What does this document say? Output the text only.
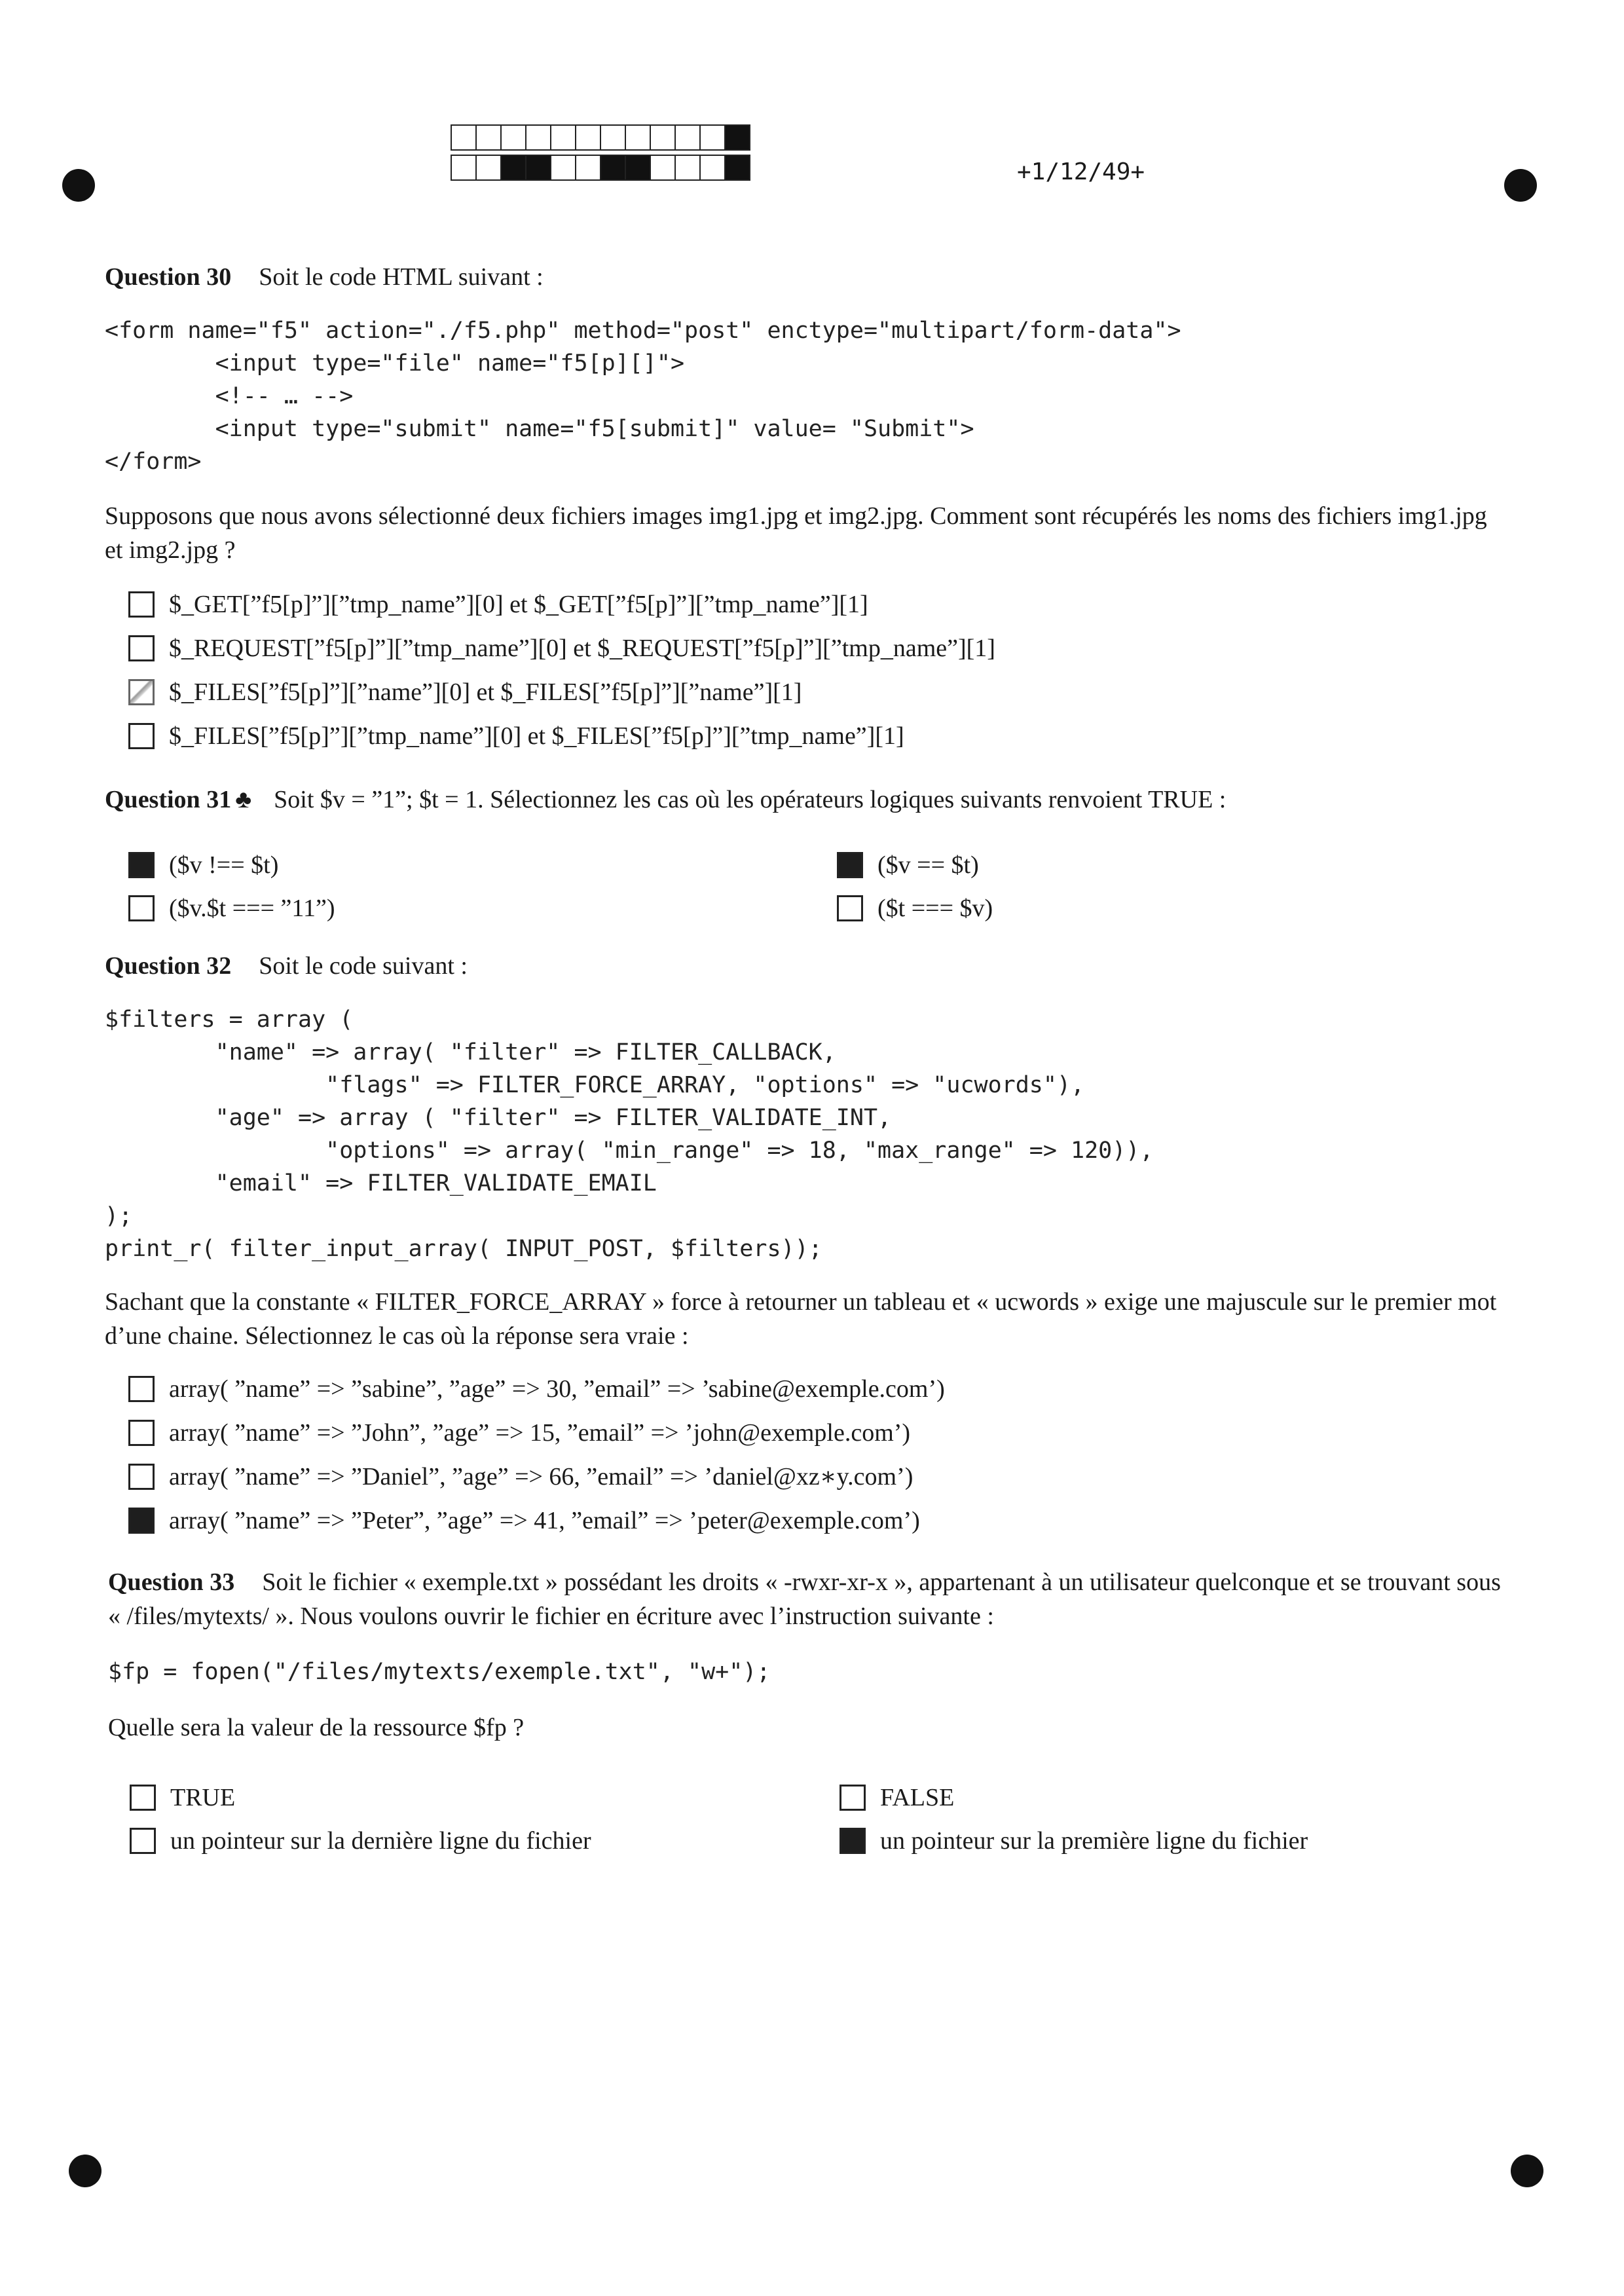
+1/12/49+
Question 30 Soit le code HTML suivant :
<form name="f5" action="./f5.php" method="post" enctype="multipart/form-data">
<input type="file" name="f5[p][]">
<!-- … -->
<input type="submit" name="f5[submit]" value= "Submit">
</form>
Supposons que nous avons sélectionné deux fichiers images img1.jpg et img2.jpg. Comment sont récupérés les noms des fichiers img1.jpg et img2.jpg ?
$_GET[”f5[p]”][”tmp_name”][0] et $_GET[”f5[p]”][”tmp_name”][1]
$_REQUEST[”f5[p]”][”tmp_name”][0] et $_REQUEST[”f5[p]”][”tmp_name”][1]
$_FILES[”f5[p]”][”name”][0] et $_FILES[”f5[p]”][”name”][1]
$_FILES[”f5[p]”][”tmp_name”][0] et $_FILES[”f5[p]”][”tmp_name”][1]
Question 31 ♣ Soit $v = ”1”; $t = 1. Sélectionnez les cas où les opérateurs logiques suivants renvoient TRUE :
($v !== $t)	($v == $t)
($v.$t === ”11”)	($t === $v)
Question 32 Soit le code suivant :
$filters = array (
"name" => array( "filter" => FILTER_CALLBACK,
"flags" => FILTER_FORCE_ARRAY, "options" => "ucwords"),
"age" => array ( "filter" => FILTER_VALIDATE_INT,
"options" => array( "min_range" => 18, "max_range" => 120)),
"email" => FILTER_VALIDATE_EMAIL
);
print_r( filter_input_array( INPUT_POST, $filters));
Sachant que la constante « FILTER_FORCE_ARRAY » force à retourner un tableau et « ucwords » exige une majuscule sur le premier mot d’une chaine. Sélectionnez le cas où la réponse sera vraie :
array( ”name” => ”sabine”, ”age” => 30, ”email” => ’sabine@exemple.com’)
array( ”name” => ”John”, ”age” => 15, ”email” => ’john@exemple.com’)
array( ”name” => ”Daniel”, ”age” => 66, ”email” => ’daniel@xz∗y.com’)
array( ”name” => ”Peter”, ”age” => 41, ”email” => ’peter@exemple.com’)
Question 33 Soit le fichier « exemple.txt » possédant les droits « -rwxr-xr-x », appartenant à un utilisateur quelconque et se trouvant sous « /files/mytexts/ ». Nous voulons ouvrir le fichier en écriture avec l’instruction suivante :
$fp = fopen("/files/mytexts/exemple.txt", "w+");
Quelle sera la valeur de la ressource $fp ?
TRUE	FALSE
un pointeur sur la dernière ligne du fichier	un pointeur sur la première ligne du fichier
